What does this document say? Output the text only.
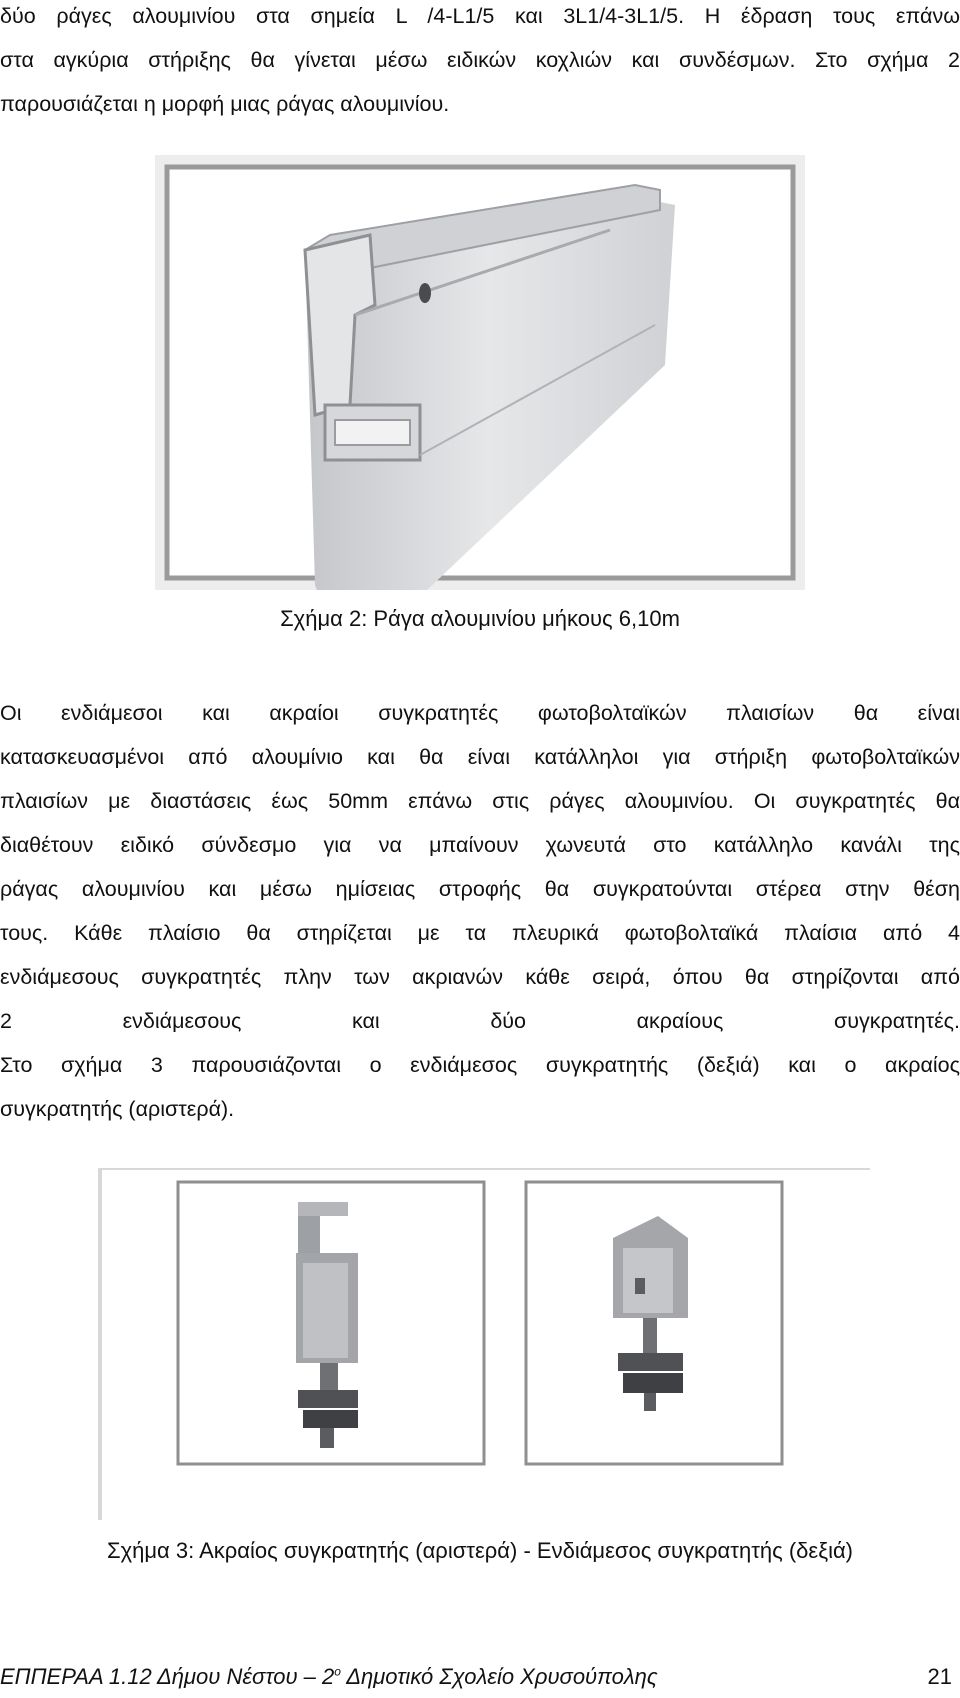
δύο ράγες αλουμινίου στα σημεία L /4-L1/5 και 3L1/4-3L1/5. Η έδραση τους επάνω
στα αγκύρια στήριξης θα γίνεται μέσω ειδικών κοχλιών και συνδέσμων. Στο σχήμα 2
παρουσιάζεται η μορφή μιας ράγας αλουμινίου.
Σχήμα 2: Ράγα αλουμινίου μήκους 6,10m
Οι ενδιάμεσοι και ακραίοι συγκρατητές φωτοβολταϊκών πλαισίων θα είναι
κατασκευασμένοι από αλουμίνιο και θα είναι κατάλληλοι για στήριξη φωτοβολταϊκών
πλαισίων με διαστάσεις έως 50mm επάνω στις ράγες αλουμινίου. Οι συγκρατητές θα
διαθέτουν ειδικό σύνδεσμο για να μπαίνουν χωνευτά στο κατάλληλο κανάλι της
ράγας αλουμινίου και μέσω ημίσειας στροφής θα συγκρατούνται στέρεα στην θέση
τους. Κάθε πλαίσιο θα στηρίζεται με τα πλευρικά φωτοβολταϊκά πλαίσια από 4
ενδιάμεσους συγκρατητές πλην των ακριανών κάθε σειρά, όπου θα στηρίζονται από
2 ενδιάμεσους και δύο ακραίους συγκρατητές.
Στο σχήμα 3 παρουσιάζονται ο ενδιάμεσος συγκρατητής (δεξιά) και ο ακραίος
συγκρατητής (αριστερά).
Σχήμα 3: Ακραίος συγκρατητής (αριστερά) - Ενδιάμεσος συγκρατητής (δεξιά)
ΕΠΠΕΡΑΑ 1.12 Δήμου Νέστου – $2^o$ Δημοτικό Σχολείο Χρυσούπολης	21
